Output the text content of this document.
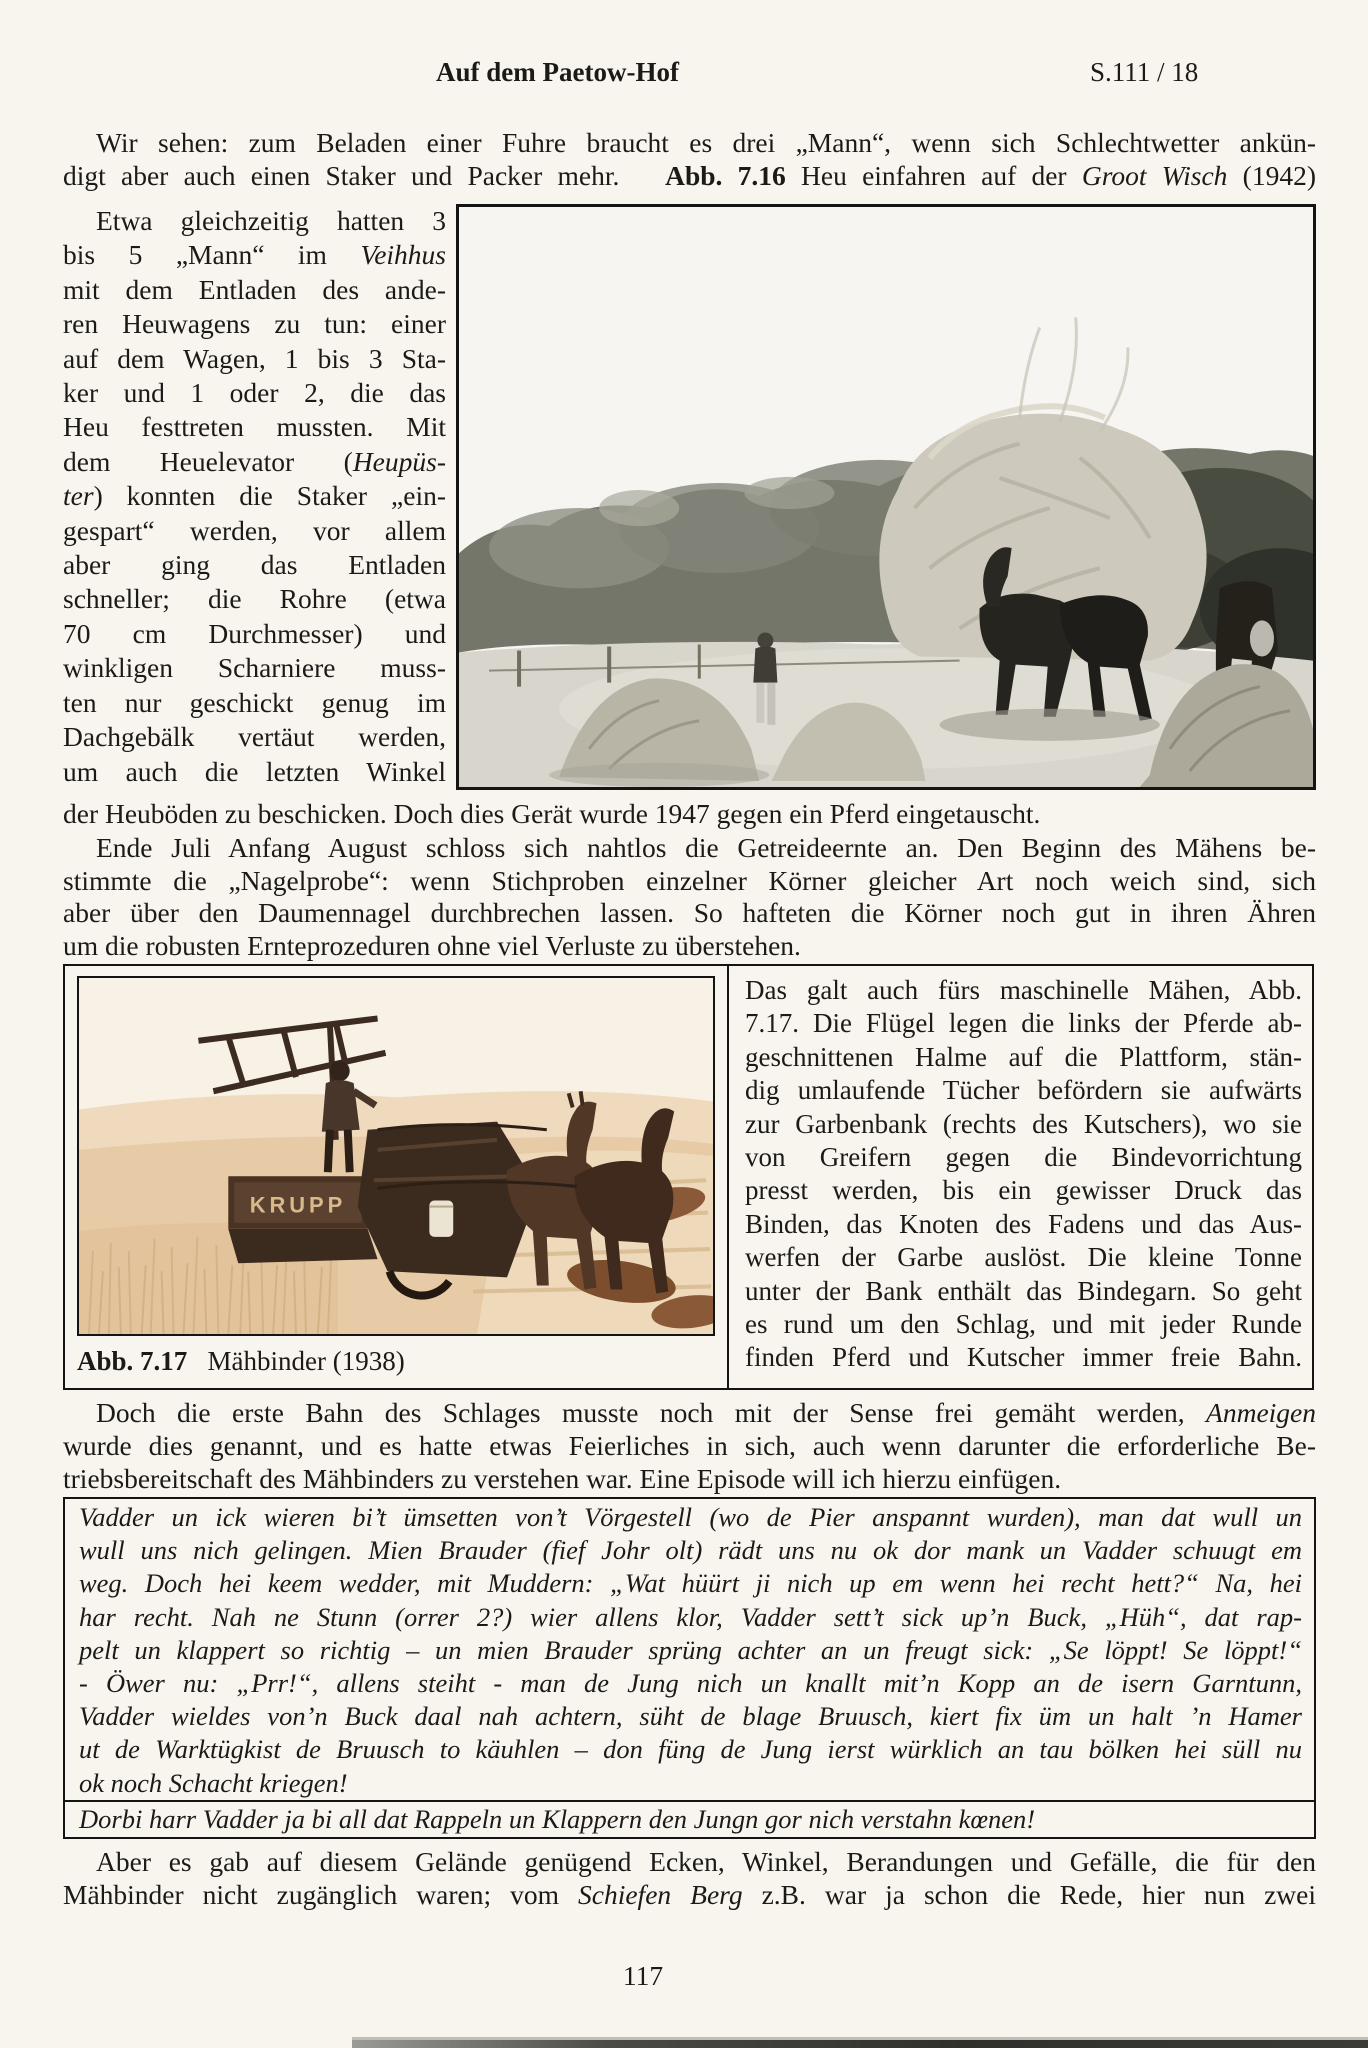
Auf dem Paetow-Hof	S.111 / 18
Wir sehen: zum Beladen einer Fuhre braucht es drei „Mann“, wenn sich Schlechtwetter ankün-
digt aber auch einen Staker und Packer mehr.   Abb. 7.16 Heu einfahren auf der Groot Wisch (1942)
Etwa gleichzeitig hatten 3
bis 5 „Mann“ im Veihhus
mit dem Entladen des ande-
ren Heuwagens zu tun: einer
auf dem Wagen, 1 bis 3 Sta-
ker und 1 oder 2, die das
Heu festtreten mussten. Mit
dem Heuelevator (Heupüs-
ter) konnten die Staker „ein-
gespart“ werden, vor allem
aber ging das Entladen
schneller; die Rohre (etwa
70 cm Durchmesser) und
winkligen Scharniere muss-
ten nur geschickt genug im
Dachgebälk vertäut werden,
um auch die letzten Winkel
der Heuböden zu beschicken. Doch dies Gerät wurde 1947 gegen ein Pferd eingetauscht.
Ende Juli Anfang August schloss sich nahtlos die Getreideernte an. Den Beginn des Mähens be-
stimmte die „Nagelprobe“: wenn Stichproben einzelner Körner gleicher Art noch weich sind, sich
aber über den Daumennagel durchbrechen lassen. So hafteten die Körner noch gut in ihren Ähren
um die robusten Ernteprozeduren ohne viel Verluste zu überstehen.
KRUPP
Abb. 7.17   Mähbinder (1938)
Das galt auch fürs maschinelle Mähen, Abb.
7.17. Die Flügel legen die links der Pferde ab-
geschnittenen Halme auf die Plattform, stän-
dig umlaufende Tücher befördern sie aufwärts
zur Garbenbank (rechts des Kutschers), wo sie
von Greifern gegen die Bindevorrichtung
presst werden, bis ein gewisser Druck das
Binden, das Knoten des Fadens und das Aus-
werfen der Garbe auslöst. Die kleine Tonne
unter der Bank enthält das Bindegarn. So geht
es rund um den Schlag, und mit jeder Runde
finden Pferd und Kutscher immer freie Bahn.
Doch die erste Bahn des Schlages musste noch mit der Sense frei gemäht werden, Anmeigen
wurde dies genannt, und es hatte etwas Feierliches in sich, auch wenn darunter die erforderliche Be-
triebsbereitschaft des Mähbinders zu verstehen war. Eine Episode will ich hierzu einfügen.
Vadder un ick wieren bi’t ümsetten von’t Vörgestell (wo de Pier anspannt wurden), man dat wull un
wull uns nich gelingen. Mien Brauder (fief Johr olt) rädt uns nu ok dor mank un Vadder schuugt em
weg. Doch hei keem wedder, mit Muddern: „Wat hüürt ji nich up em wenn hei recht hett?“ Na, hei
har recht. Nah ne Stunn (orrer 2?) wier allens klor, Vadder sett’t sick up’n Buck, „Hüh“, dat rap-
pelt un klappert so richtig – un mien Brauder sprüng achter an un freugt sick: „Se löppt! Se löppt!“
- Öwer nu: „Prr!“, allens steiht - man de Jung nich un knallt mit’n Kopp an de isern Garntunn,
Vadder wieldes von’n Buck daal nah achtern, süht de blage Bruusch, kiert fix üm un halt ’n Hamer
ut de Warktügkist de Bruusch to käuhlen – don füng de Jung ierst würklich an tau bölken hei süll nu
ok noch Schacht kriegen!
Dorbi harr Vadder ja bi all dat Rappeln un Klappern den Jungn gor nich verstahn kœnen!
Aber es gab auf diesem Gelände genügend Ecken, Winkel, Berandungen und Gefälle, die für den
Mähbinder nicht zugänglich waren; vom Schiefen Berg z.B. war ja schon die Rede, hier nun zwei
117
